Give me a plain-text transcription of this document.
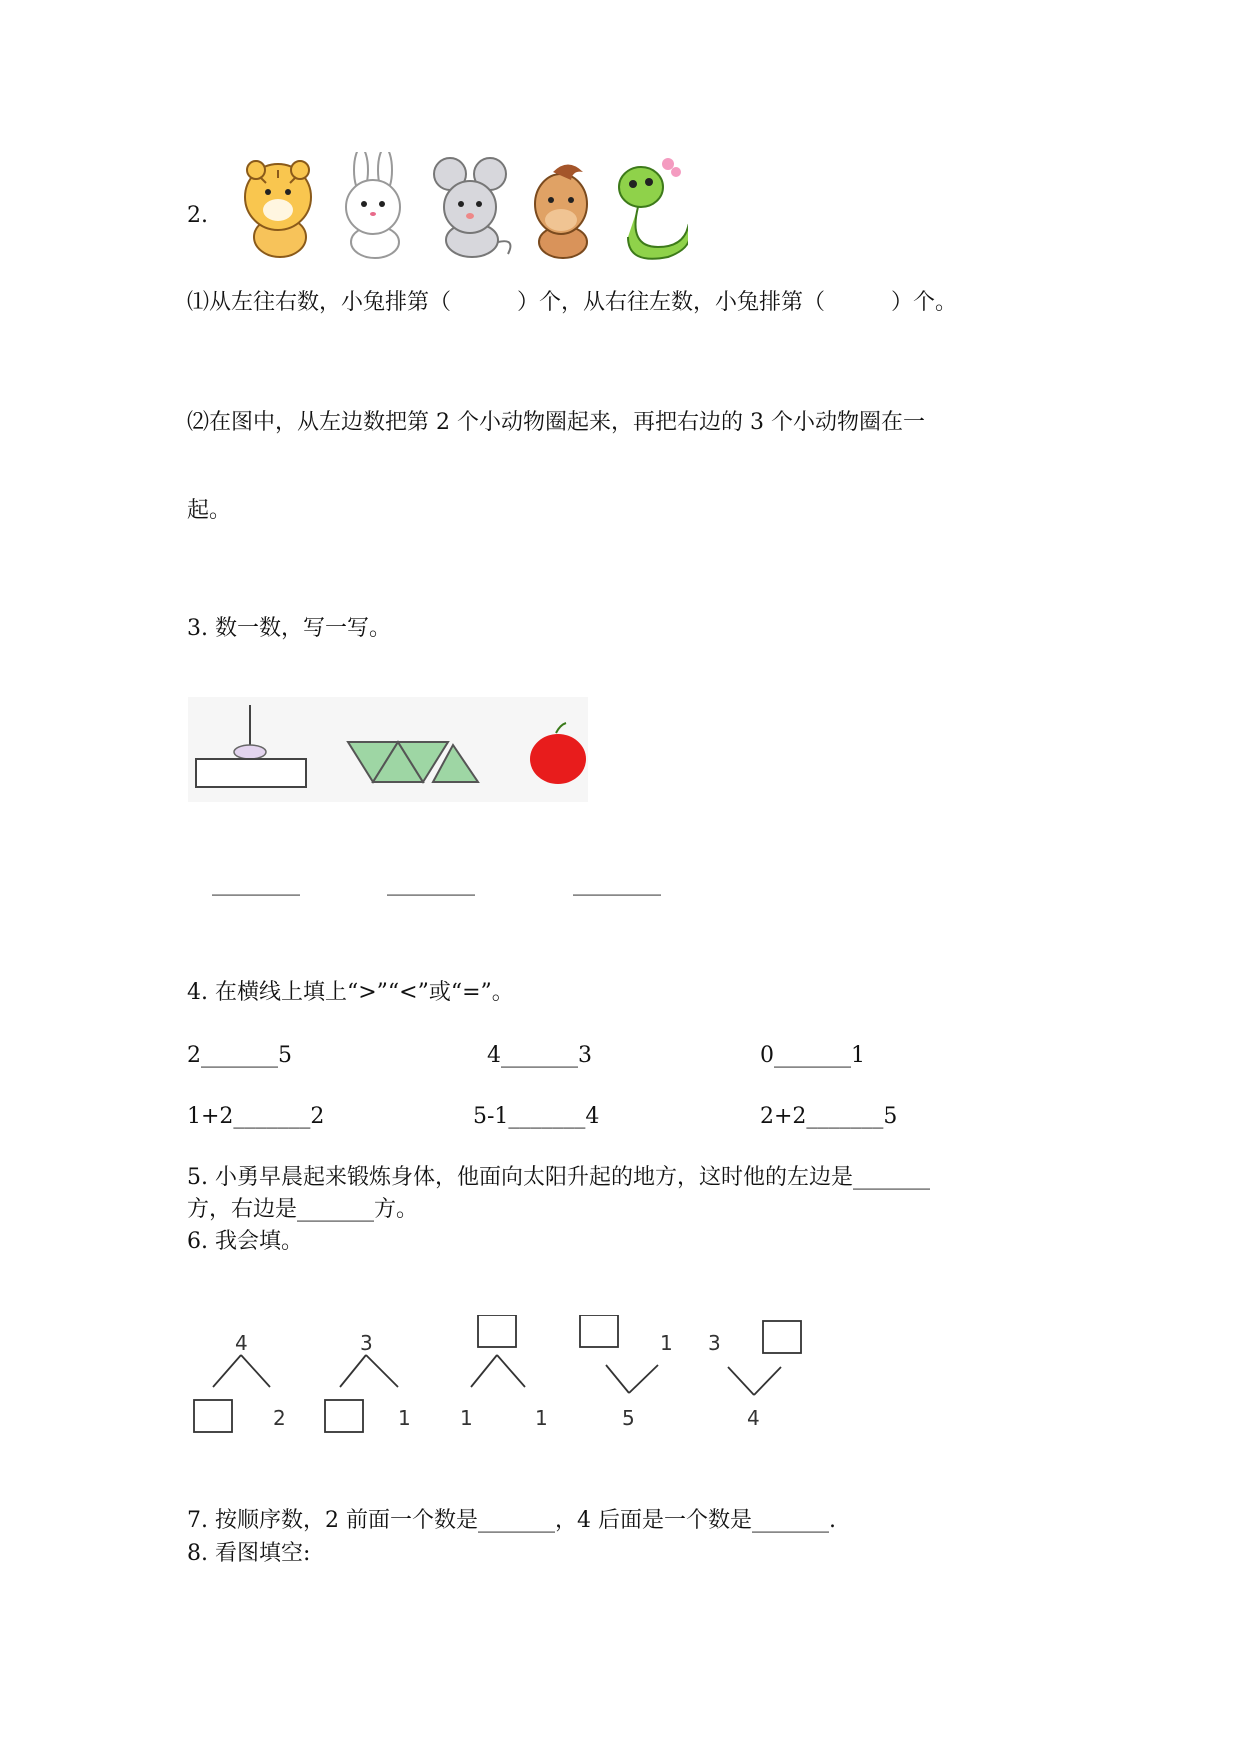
2.
⑴从左往右数，小兔排第（　　　）个，从右往左数，小兔排第（　　　）个。
⑵在图中，从左边数把第 2 个小动物圈起来，再把右边的 3 个小动物圈在一
起。
3. 数一数，写一写。
________	________	________
4. 在横线上填上“>”“<”或“=”。
2_______5	4_______3	0_______1
1+2_______2	5-1_______4	2+2_______5
5. 小勇早晨起来锻炼身体，他面向太阳升起的地方，这时他的左边是_______
方，右边是_______方。
6. 我会填。
4
2
3
1 1	1
1
5
3
4
7. 按顺序数，2 前面一个数是_______，4 后面是一个数是_______.
8. 看图填空:
